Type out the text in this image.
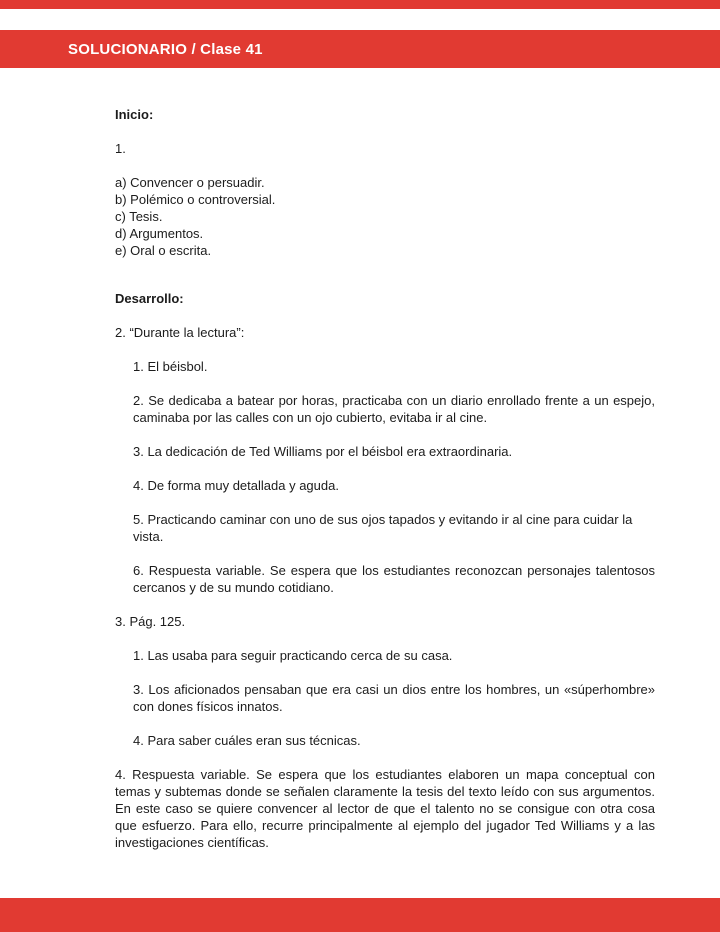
SOLUCIONARIO / Clase 41
Inicio:
1.
a) Convencer o persuadir.
b) Polémico o controversial.
c) Tesis.
d) Argumentos.
e) Oral o escrita.
Desarrollo:
2. “Durante la lectura”:
1. El béisbol.
2. Se dedicaba a batear por horas, practicaba con un diario enrollado frente a un espejo, caminaba por las calles con un ojo cubierto, evitaba ir al cine.
3. La dedicación de Ted Williams por el béisbol era extraordinaria.
4. De forma muy detallada y aguda.
5. Practicando caminar con uno de sus ojos tapados y evitando ir al cine para cuidar la vista.
6. Respuesta variable. Se espera que los estudiantes reconozcan personajes talentosos cercanos y de su mundo cotidiano.
3. Pág. 125.
1. Las usaba para seguir practicando cerca de su casa.
3. Los aficionados pensaban que era casi un dios entre los hombres, un «súperhombre» con dones físicos innatos.
4. Para saber cuáles eran sus técnicas.
4. Respuesta variable. Se espera que los estudiantes elaboren un mapa conceptual con temas y subtemas donde se señalen claramente la tesis del texto leído con sus argumentos. En este caso se quiere convencer al lector de que el talento no se consigue con otra cosa que esfuerzo. Para ello, recurre principalmente al ejemplo del jugador Ted Williams y a las investigaciones científicas.
